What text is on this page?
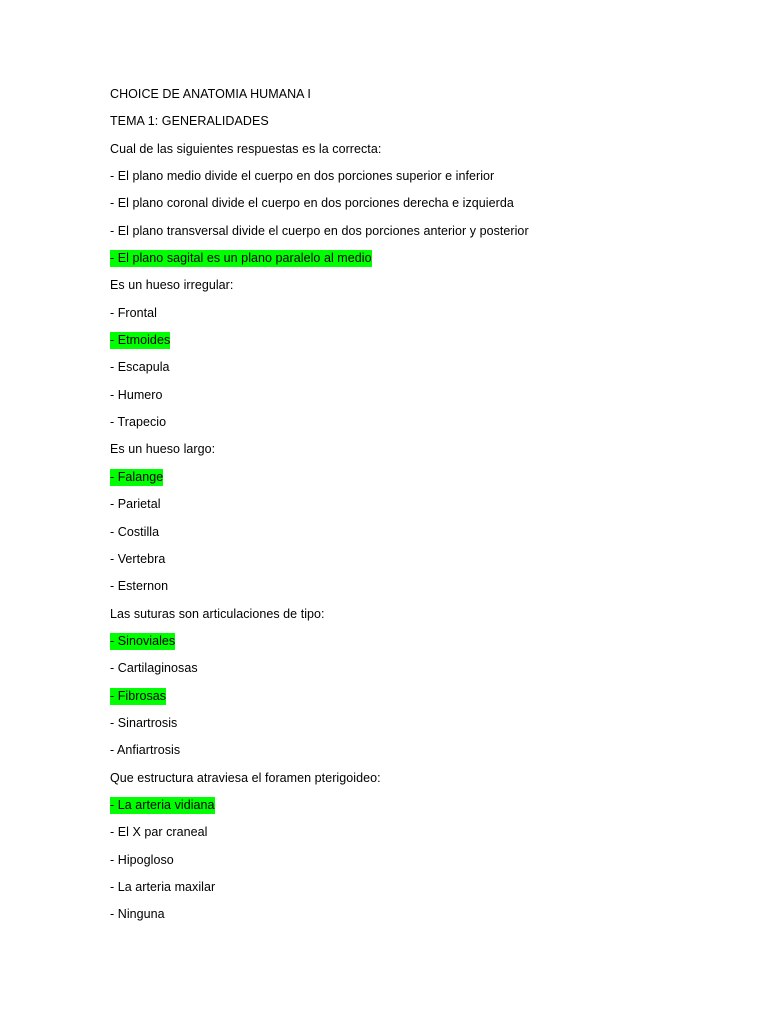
CHOICE DE ANATOMIA HUMANA I
TEMA 1: GENERALIDADES
Cual de las siguientes respuestas es la correcta:
- El plano medio divide el cuerpo en dos porciones superior e inferior
- El plano coronal divide el cuerpo en dos porciones derecha e izquierda
- El plano transversal divide el cuerpo en dos porciones anterior y posterior
- El plano sagital es un plano paralelo al medio
Es un hueso irregular:
- Frontal
- Etmoides
- Escapula
- Humero
- Trapecio
Es un hueso largo:
- Falange
- Parietal
- Costilla
- Vertebra
- Esternon
Las suturas son articulaciones de tipo:
- Sinoviales
- Cartilaginosas
- Fibrosas
- Sinartrosis
- Anfiartrosis
Que estructura atraviesa el foramen pterigoideo:
- La arteria vidiana
- El X par craneal
- Hipogloso
- La arteria maxilar
- Ninguna
